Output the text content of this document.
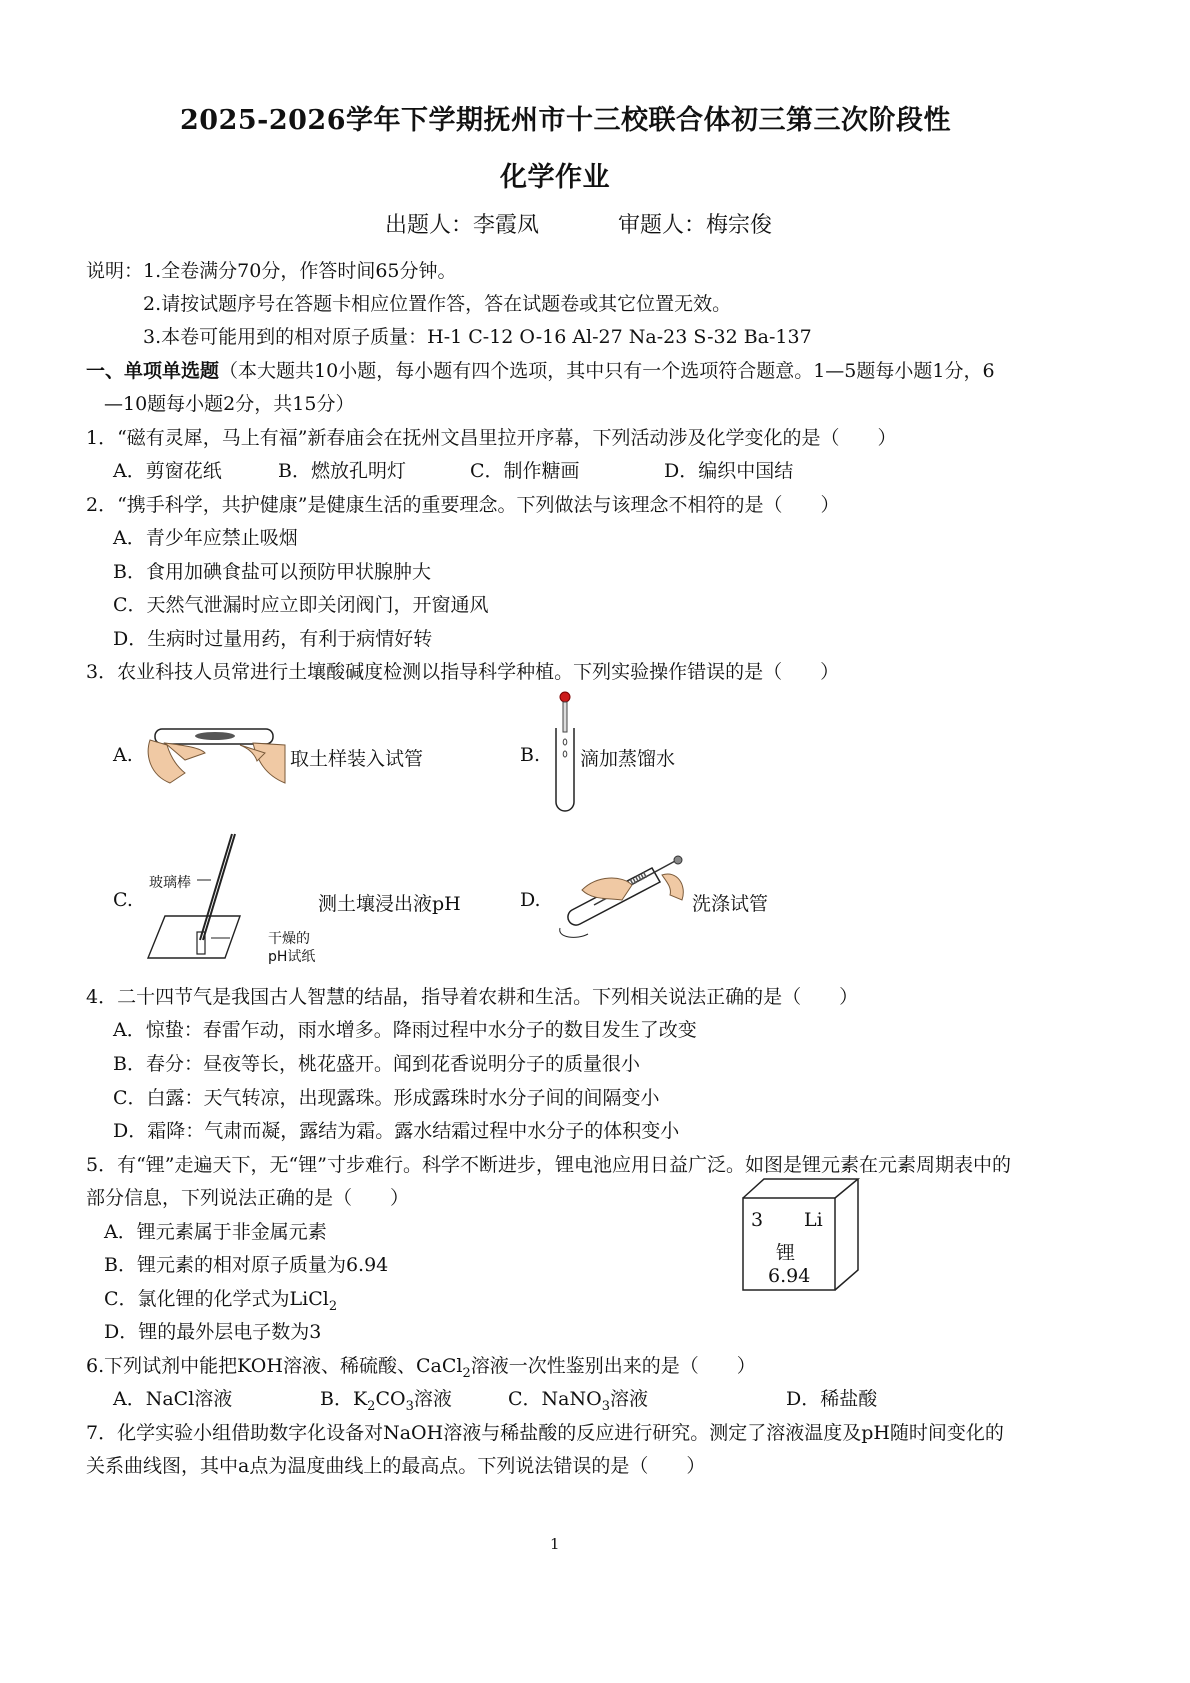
2025-2026学年下学期抚州市十三校联合体初三第三次阶段性
化学作业
出题人：李霞凤	审题人：梅宗俊
说明：1.全卷满分70分，作答时间65分钟。
2.请按试题序号在答题卡相应位置作答，答在试题卷或其它位置无效。
3.本卷可能用到的相对原子质量：H-1 C-12 O-16 Al-27 Na-23 S-32 Ba-137
一、单项单选题（本大题共10小题，每小题有四个选项，其中只有一个选项符合题意。1—5题每小题1分，6
—10题每小题2分，共15分）
1．“磁有灵犀，马上有福”新春庙会在抚州文昌里拉开序幕，下列活动涉及化学变化的是（　　）
A．剪窗花纸	B．燃放孔明灯	C．制作糖画	D．编织中国结
2．“携手科学，共护健康”是健康生活的重要理念。下列做法与该理念不相符的是（　　）
A．青少年应禁止吸烟
B．食用加碘食盐可以预防甲状腺肿大
C．天然气泄漏时应立即关闭阀门，开窗通风
D．生病时过量用药，有利于病情好转
3．农业科技人员常进行土壤酸碱度检测以指导科学种植。下列实验操作错误的是（　　）
A.	取土样装入试管	B. 滴加蒸馏水
C.
玻璃棒
干燥的
pH试纸
测土壤浸出液pH	D.	洗涤试管
4．二十四节气是我国古人智慧的结晶，指导着农耕和生活。下列相关说法正确的是（　　）
A．惊蛰：春雷乍动，雨水增多。降雨过程中水分子的数目发生了改变
B．春分：昼夜等长，桃花盛开。闻到花香说明分子的质量很小
C．白露：天气转凉，出现露珠。形成露珠时水分子间的间隔变小
D．霜降：气肃而凝，露结为霜。露水结霜过程中水分子的体积变小
5．有“锂”走遍天下，无“锂”寸步难行。科学不断进步，锂电池应用日益广泛。如图是锂元素在元素周期表中的
部分信息，下列说法正确的是（　　）
A．锂元素属于非金属元素
B．锂元素的相对原子质量为6.94
C．氯化锂的化学式为LiCl$_2$
D．锂的最外层电子数为3
3 Li
锂
6.94
6.下列试剂中能把KOH溶液、稀硫酸、CaCl$_2$溶液一次性鉴别出来的是（　　）
A．NaCl溶液	B．$K_2CO_3$溶液	C．NaNO$_3$溶液	D．稀盐酸
7．化学实验小组借助数字化设备对NaOH溶液与稀盐酸的反应进行研究。测定了溶液温度及pH随时间变化的
关系曲线图，其中a点为温度曲线上的最高点。下列说法错误的是（　　）
1
